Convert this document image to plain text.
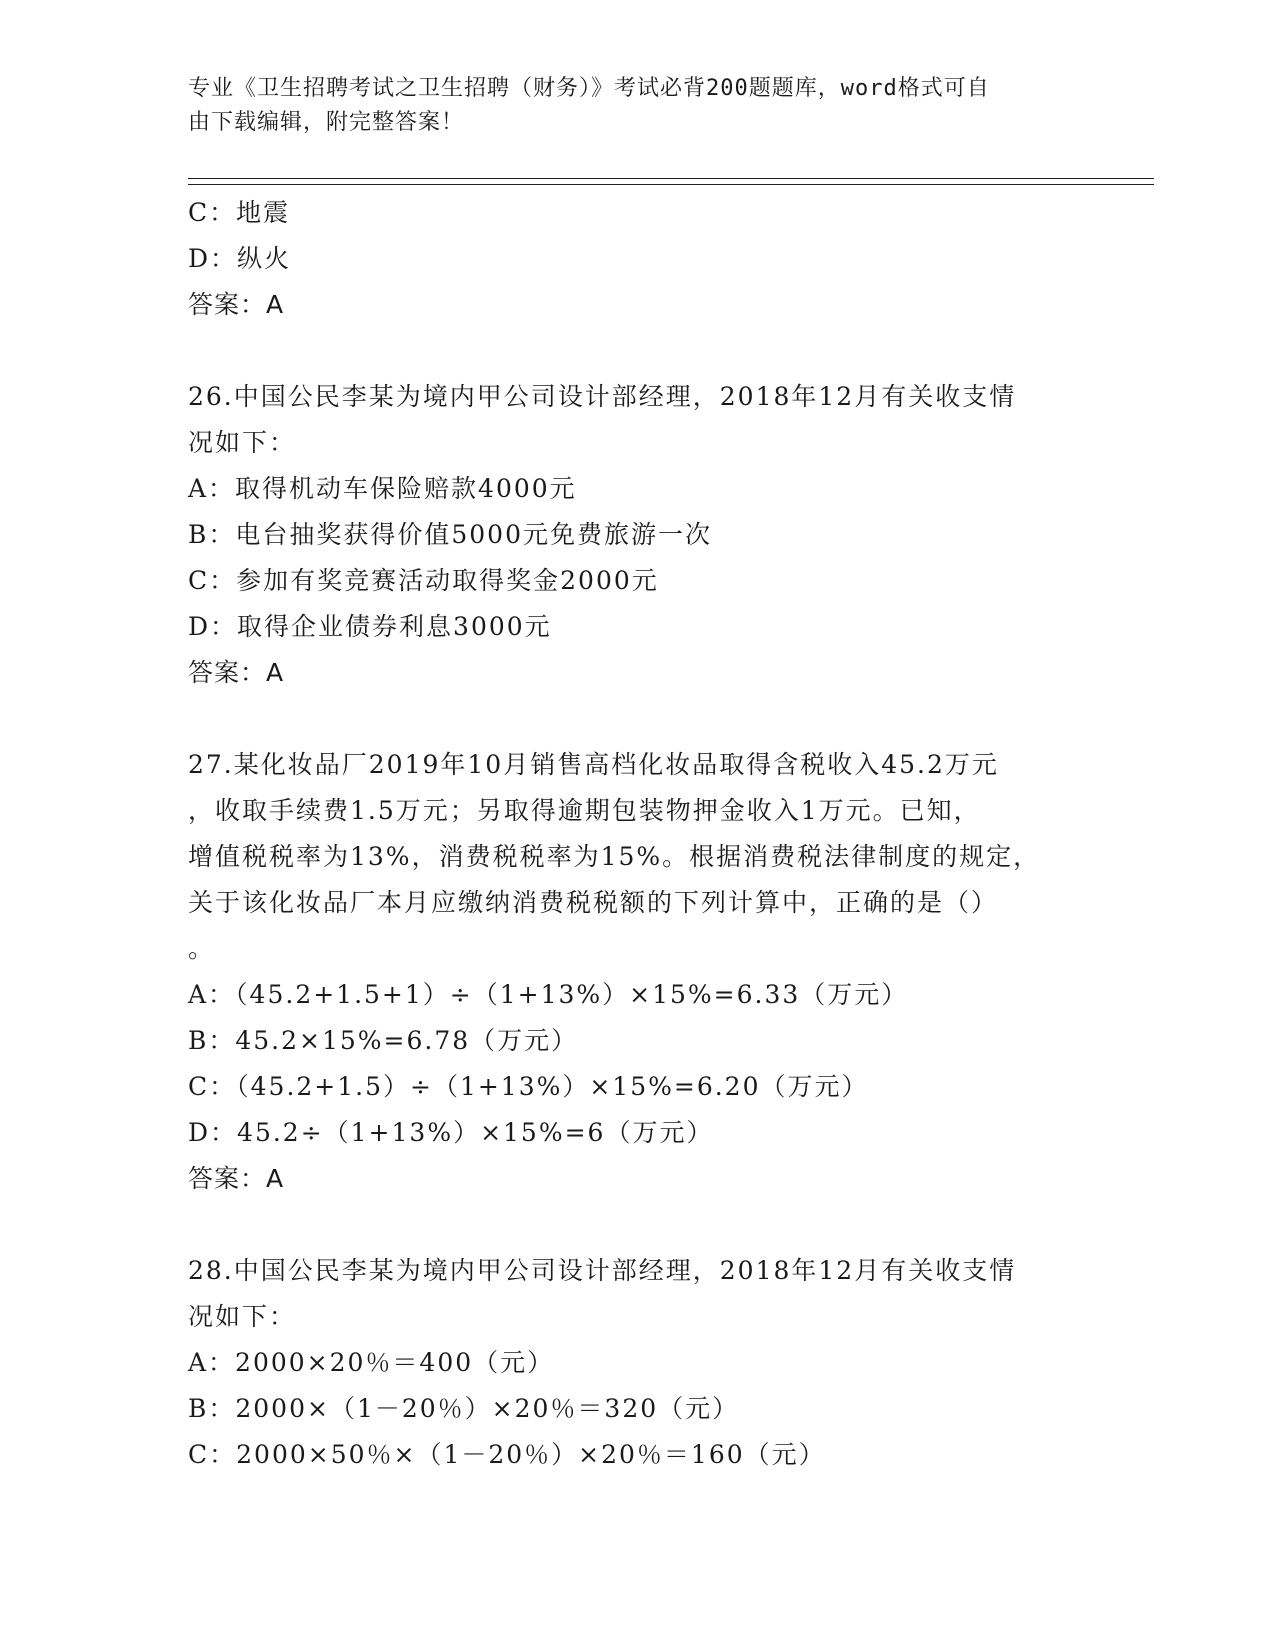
专业《卫生招聘考试之卫生招聘（财务）》考试必背200题题库，word格式可自
由下载编辑，附完整答案！
C：地震
D：纵火
答案：A
26.中国公民李某为境内甲公司设计部经理，2018年12月有关收支情
况如下：
A：取得机动车保险赔款4000元
B：电台抽奖获得价值5000元免费旅游一次
C：参加有奖竞赛活动取得奖金2000元
D：取得企业债券利息3000元
答案：A
27.某化妆品厂2019年10月销售高档化妆品取得含税收入45.2万元
，收取手续费1.5万元；另取得逾期包装物押金收入1万元。已知，
增值税税率为13%，消费税税率为15%。根据消费税法律制度的规定，
关于该化妆品厂本月应缴纳消费税税额的下列计算中，正确的是（）
。
A：（45.2+1.5+1）÷（1+13%）×15%=6.33（万元）
B：45.2×15%=6.78（万元）
C：（45.2+1.5）÷（1+13%）×15%=6.20（万元）
D：45.2÷（1+13%）×15%=6（万元）
答案：A
28.中国公民李某为境内甲公司设计部经理，2018年12月有关收支情
况如下：
A：2000×20％＝400（元）
B：2000×（1－20％）×20％＝320（元）
C：2000×50％×（1－20％）×20％＝160（元）
